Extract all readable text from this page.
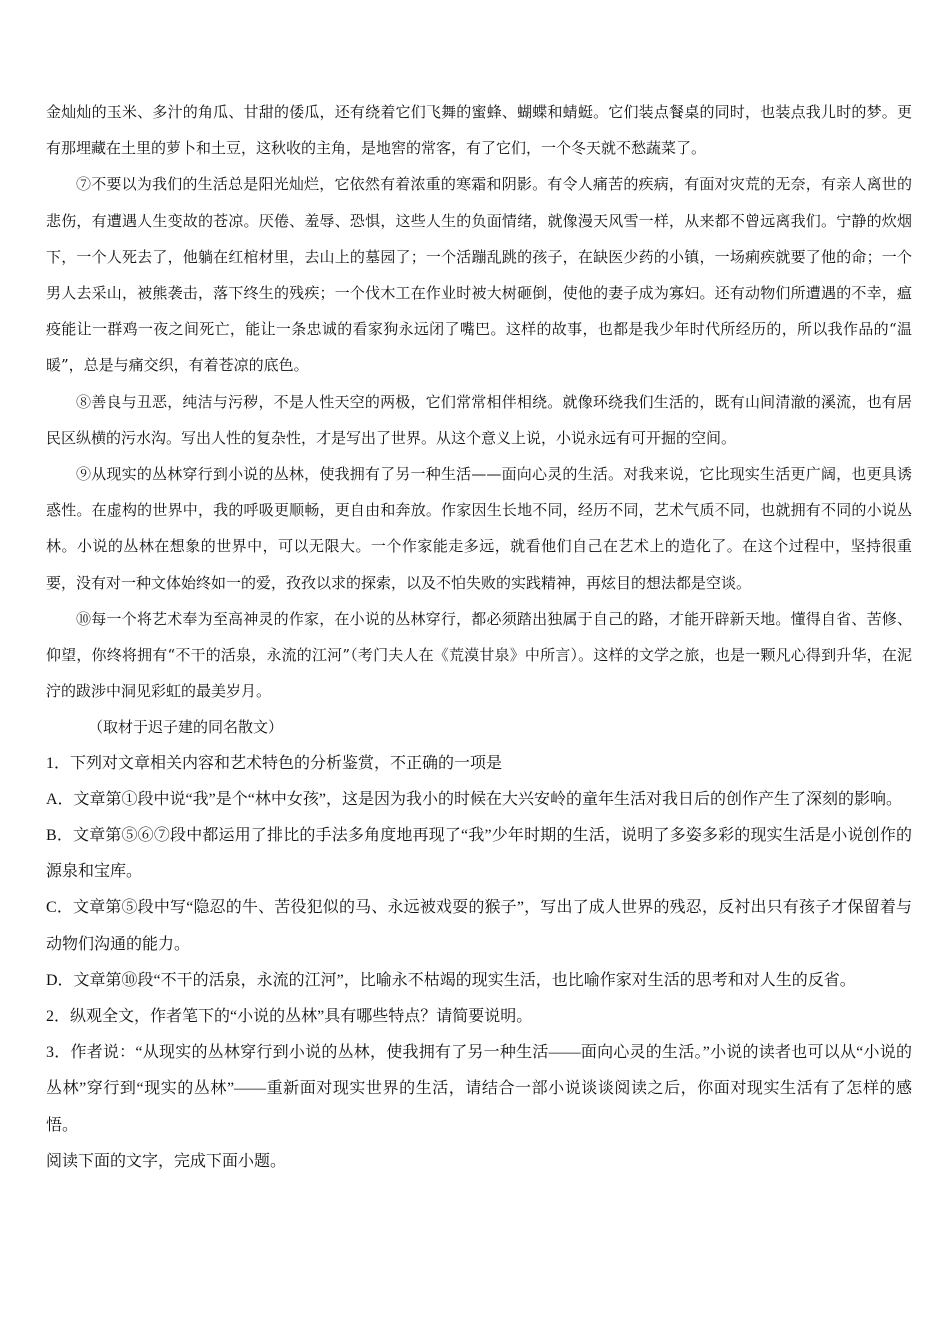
金灿灿的玉米、多汁的角瓜、甘甜的倭瓜，还有绕着它们飞舞的蜜蜂、蝴蝶和蜻蜓。它们装点餐桌的同时，也装点我儿时的梦。更有那埋藏在土里的萝卜和土豆，这秋收的主角，是地窖的常客，有了它们，一个冬天就不愁蔬菜了。

⑦不要以为我们的生活总是阳光灿烂，它依然有着浓重的寒霜和阴影。有令人痛苦的疾病，有面对灾荒的无奈，有亲人离世的悲伤，有遭遇人生变故的苍凉。厌倦、羞辱、恐惧，这些人生的负面情绪，就像漫天风雪一样，从来都不曾远离我们。宁静的炊烟下，一个人死去了，他躺在红棺材里，去山上的墓园了；一个活蹦乱跳的孩子，在缺医少药的小镇，一场痢疾就要了他的命；一个男人去采山，被熊袭击，落下终生的残疾；一个伐木工在作业时被大树砸倒，使他的妻子成为寡妇。还有动物们所遭遇的不幸，瘟疫能让一群鸡一夜之间死亡，能让一条忠诚的看家狗永远闭了嘴巴。这样的故事，也都是我少年时代所经历的，所以我作品的“温暖”，总是与痛交织，有着苍凉的底色。

⑧善良与丑恶，纯洁与污秽，不是人性天空的两极，它们常常相伴相绕。就像环绕我们生活的，既有山间清澈的溪流，也有居民区纵横的污水沟。写出人性的复杂性，才是写出了世界。从这个意义上说，小说永远有可开掘的空间。

⑨从现实的丛林穿行到小说的丛林，使我拥有了另一种生活——面向心灵的生活。对我来说，它比现实生活更广阔，也更具诱惑性。在虚构的世界中，我的呼吸更顺畅，更自由和奔放。作家因生长地不同，经历不同，艺术气质不同，也就拥有不同的小说丛林。小说的丛林在想象的世界中，可以无限大。一个作家能走多远，就看他们自己在艺术上的造化了。在这个过程中，坚持很重要，没有对一种文体始终如一的爱，孜孜以求的探索，以及不怕失败的实践精神，再炫目的想法都是空谈。

⑩每一个将艺术奉为至高神灵的作家，在小说的丛林穿行，都必须踏出独属于自己的路，才能开辟新天地。懂得自省、苦修、仰望，你终将拥有“不干的活泉，永流的江河”（考门夫人在《荒漠甘泉》中所言）。这样的文学之旅，也是一颗凡心得到升华，在泥泞的跋涉中洞见彩虹的最美岁月。

（取材于迟子建的同名散文）

1．下列对文章相关内容和艺术特色的分析鉴赏，不正确的一项是

A．文章第①段中说“我”是个“林中女孩”，这是因为我小的时候在大兴安岭的童年生活对我日后的创作产生了深刻的影响。

B．文章第⑤⑥⑦段中都运用了排比的手法多角度地再现了“我”少年时期的生活，说明了多姿多彩的现实生活是小说创作的源泉和宝库。

C．文章第⑤段中写“隐忍的牛、苦役犯似的马、永远被戏耍的猴子”，写出了成人世界的残忍，反衬出只有孩子才保留着与动物们沟通的能力。

D．文章第⑩段“不干的活泉，永流的江河”，比喻永不枯竭的现实生活，也比喻作家对生活的思考和对人生的反省。

2．纵观全文，作者笔下的“小说的丛林”具有哪些特点？请简要说明。

3．作者说：“从现实的丛林穿行到小说的丛林，使我拥有了另一种生活——面向心灵的生活。”小说的读者也可以从“小说的丛林”穿行到“现实的丛林”——重新面对现实世界的生活，请结合一部小说谈谈阅读之后，你面对现实生活有了怎样的感悟。

阅读下面的文字，完成下面小题。
